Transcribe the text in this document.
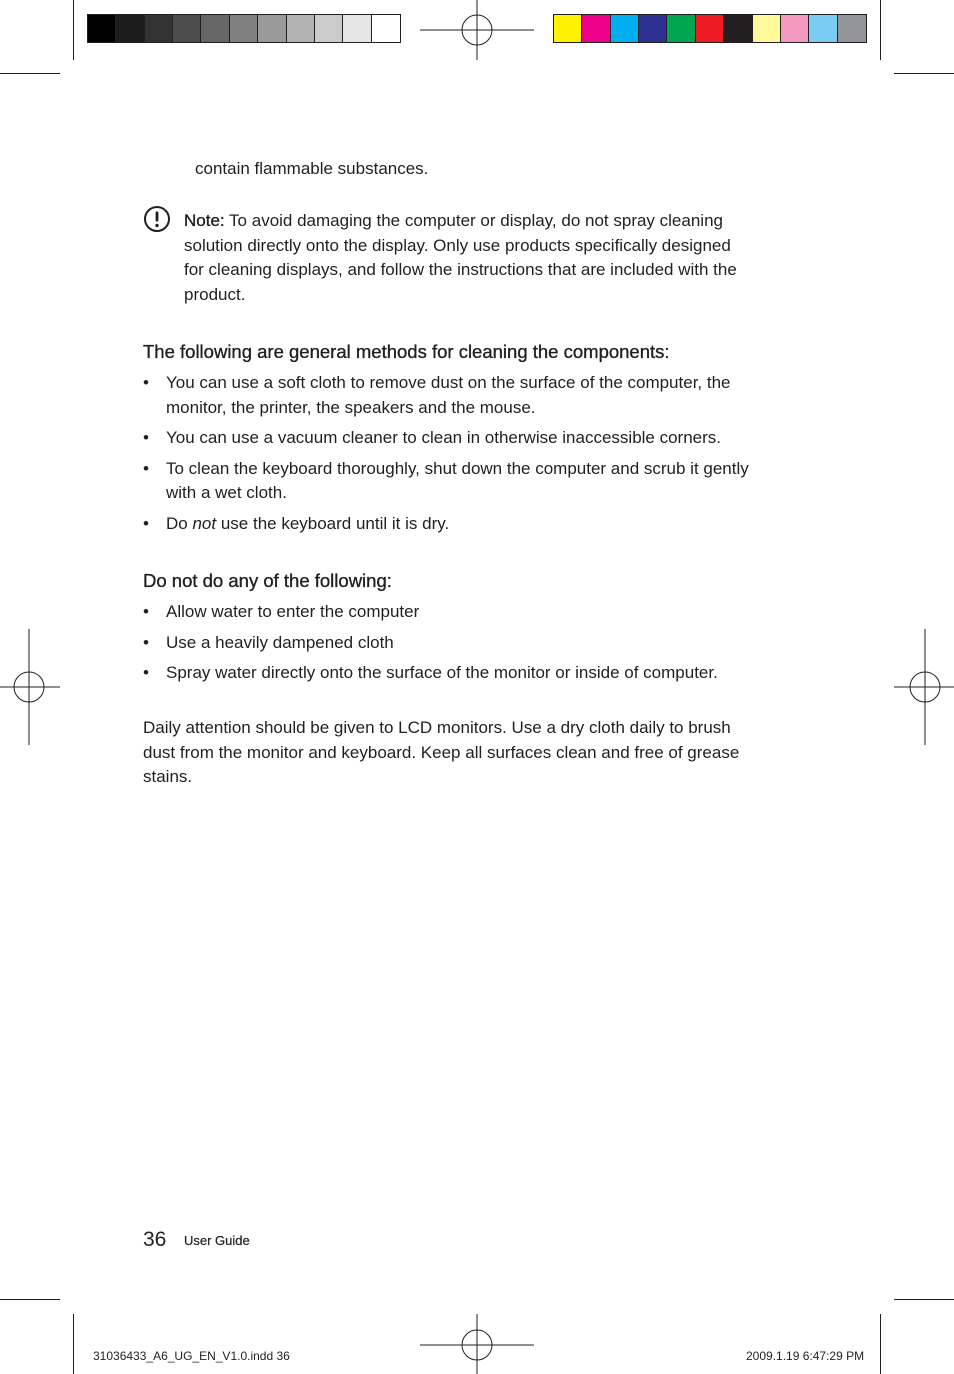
contain flammable substances.
Note: To avoid damaging the computer or display, do not spray cleaning
solution directly onto the display. Only use products specifically designed
for cleaning displays, and follow the instructions that are included with the
product.
The following are general methods for cleaning the components:
• You can use a soft cloth to remove dust on the surface of the computer, the
monitor, the printer, the speakers and the mouse.
• You can use a vacuum cleaner to clean in otherwise inaccessible corners.
• To clean the keyboard thoroughly, shut down the computer and scrub it gently
with a wet cloth.
• Do not use the keyboard until it is dry.
Do not do any of the following:
• Allow water to enter the computer
• Use a heavily dampened cloth
• Spray water directly onto the surface of the monitor or inside of computer.
Daily attention should be given to LCD monitors. Use a dry cloth daily to brush
dust from the monitor and keyboard. Keep all surfaces clean and free of grease
stains.
36 User Guide
31036433_A6_UG_EN_V1.0.indd 36	2009.1.19 6:47:29 PM
